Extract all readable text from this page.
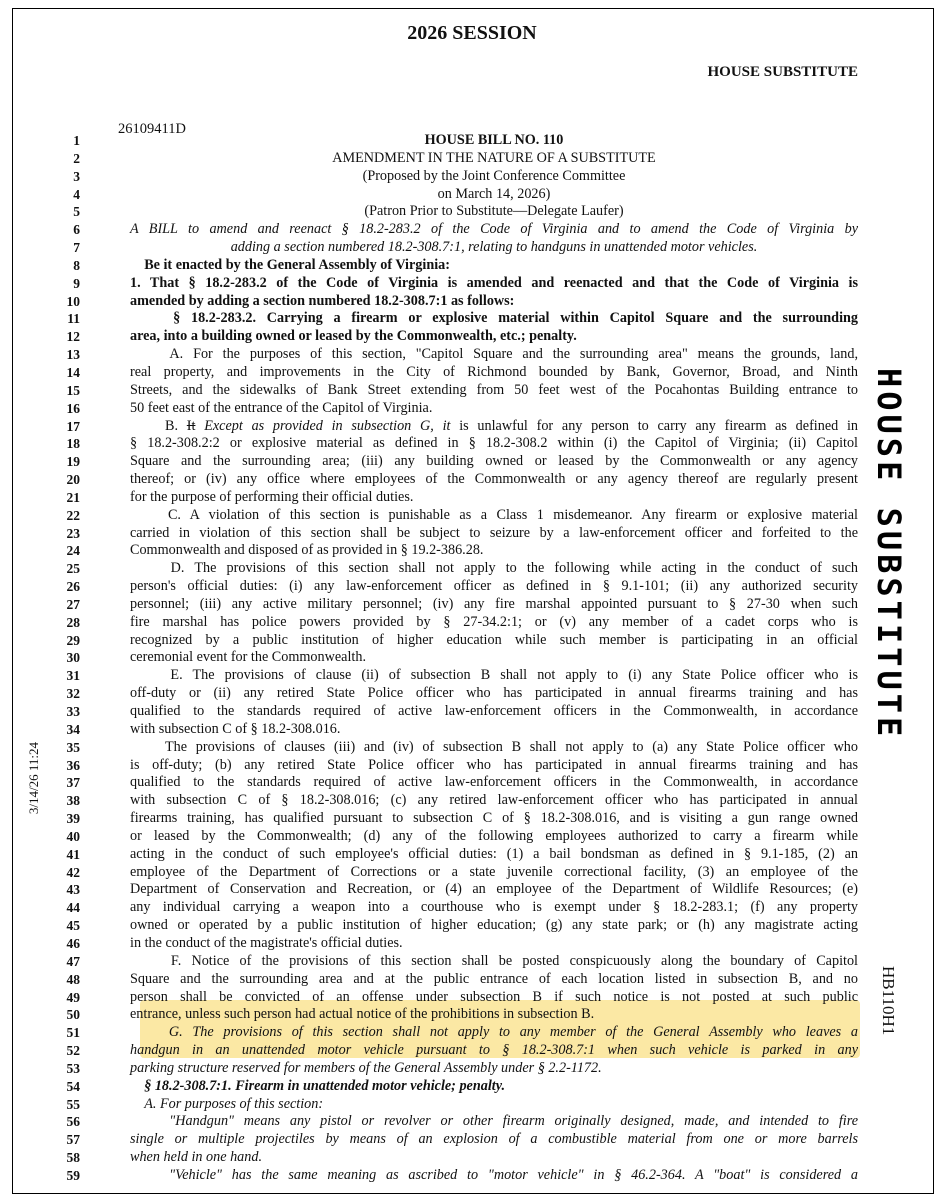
2026 SESSION
HOUSE SUBSTITUTE
26109411D
1	HOUSE BILL NO. 110
2	AMENDMENT IN THE NATURE OF A SUBSTITUTE
3	(Proposed by the Joint Conference Committee
4	on March 14, 2026)
5	(Patron Prior to Substitute—Delegate Laufer)
6	A BILL to amend and reenact § 18.2-283.2 of the Code of Virginia and to amend the Code of Virginia by
7	adding a section numbered 18.2-308.7:1, relating to handguns in unattended motor vehicles.
8	Be it enacted by the General Assembly of Virginia:
9	1. That § 18.2-283.2 of the Code of Virginia is amended and reenacted and that the Code of Virginia is
10	amended by adding a section numbered 18.2-308.7:1 as follows:
11	§ 18.2-283.2. Carrying a firearm or explosive material within Capitol Square and the surrounding
12	area, into a building owned or leased by the Commonwealth, etc.; penalty.
13	A. For the purposes of this section, "Capitol Square and the surrounding area" means the grounds, land,
14	real property, and improvements in the City of Richmond bounded by Bank, Governor, Broad, and Ninth
15	Streets, and the sidewalks of Bank Street extending from 50 feet west of the Pocahontas Building entrance to
16	50 feet east of the entrance of the Capitol of Virginia.
17	B. It Except as provided in subsection G, it is unlawful for any person to carry any firearm as defined in
18	§ 18.2-308.2:2 or explosive material as defined in § 18.2-308.2 within (i) the Capitol of Virginia; (ii) Capitol
19	Square and the surrounding area; (iii) any building owned or leased by the Commonwealth or any agency
20	thereof; or (iv) any office where employees of the Commonwealth or any agency thereof are regularly present
21	for the purpose of performing their official duties.
22	C. A violation of this section is punishable as a Class 1 misdemeanor. Any firearm or explosive material
23	carried in violation of this section shall be subject to seizure by a law-enforcement officer and forfeited to the
24	Commonwealth and disposed of as provided in § 19.2-386.28.
25	D. The provisions of this section shall not apply to the following while acting in the conduct of such
26	person's official duties: (i) any law-enforcement officer as defined in § 9.1-101; (ii) any authorized security
27	personnel; (iii) any active military personnel; (iv) any fire marshal appointed pursuant to § 27-30 when such
28	fire marshal has police powers provided by § 27-34.2:1; or (v) any member of a cadet corps who is
29	recognized by a public institution of higher education while such member is participating in an official
30	ceremonial event for the Commonwealth.
31	E. The provisions of clause (ii) of subsection B shall not apply to (i) any State Police officer who is
32	off-duty or (ii) any retired State Police officer who has participated in annual firearms training and has
33	qualified to the standards required of active law-enforcement officers in the Commonwealth, in accordance
34	with subsection C of § 18.2-308.016.
35	The provisions of clauses (iii) and (iv) of subsection B shall not apply to (a) any State Police officer who
36	is off-duty; (b) any retired State Police officer who has participated in annual firearms training and has
37	qualified to the standards required of active law-enforcement officers in the Commonwealth, in accordance
38	with subsection C of § 18.2-308.016; (c) any retired law-enforcement officer who has participated in annual
39	firearms training, has qualified pursuant to subsection C of § 18.2-308.016, and is visiting a gun range owned
40	or leased by the Commonwealth; (d) any of the following employees authorized to carry a firearm while
41	acting in the conduct of such employee's official duties: (1) a bail bondsman as defined in § 9.1-185, (2) an
42	employee of the Department of Corrections or a state juvenile correctional facility, (3) an employee of the
43	Department of Conservation and Recreation, or (4) an employee of the Department of Wildlife Resources; (e)
44	any individual carrying a weapon into a courthouse who is exempt under § 18.2-283.1; (f) any property
45	owned or operated by a public institution of higher education; (g) any state park; or (h) any magistrate acting
46	in the conduct of the magistrate's official duties.
47	F. Notice of the provisions of this section shall be posted conspicuously along the boundary of Capitol
48	Square and the surrounding area and at the public entrance of each location listed in subsection B, and no
49	person shall be convicted of an offense under subsection B if such notice is not posted at such public
50	entrance, unless such person had actual notice of the prohibitions in subsection B.
51	G. The provisions of this section shall not apply to any member of the General Assembly who leaves a
52	handgun in an unattended motor vehicle pursuant to § 18.2-308.7:1 when such vehicle is parked in any
53	parking structure reserved for members of the General Assembly under § 2.2-1172.
54	§ 18.2-308.7:1. Firearm in unattended motor vehicle; penalty.
55	A. For purposes of this section:
56	"Handgun" means any pistol or revolver or other firearm originally designed, made, and intended to fire
57	single or multiple projectiles by means of an explosion of a combustible material from one or more barrels
58	when held in one hand.
59	"Vehicle" has the same meaning as ascribed to "motor vehicle" in § 46.2-364. A "boat" is considered a
HOUSE SUBSTITUTE
HB110H1
3/14/26 11:24
